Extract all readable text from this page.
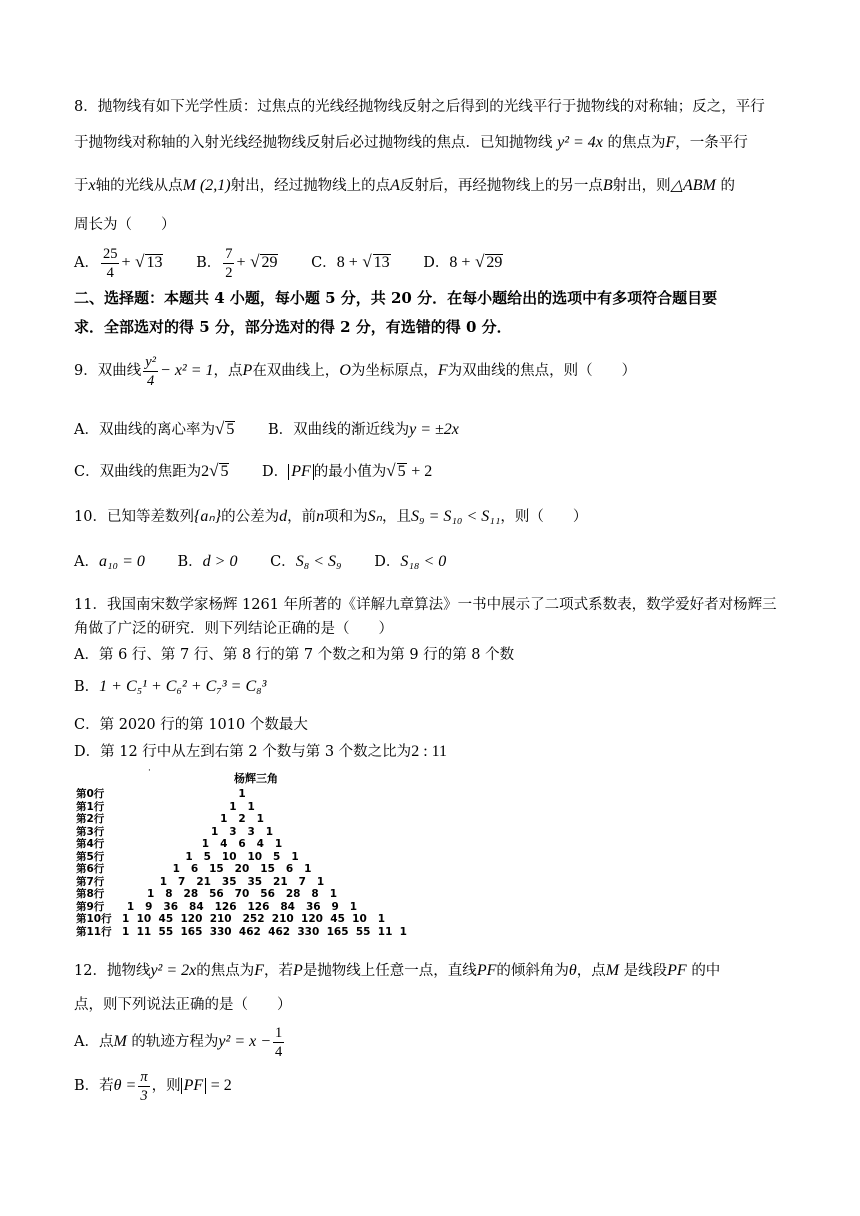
8．抛物线有如下光学性质：过焦点的光线经抛物线反射之后得到的光线平行于抛物线的对称轴；反之，平行
于抛物线对称轴的入射光线经抛物线反射后必过抛物线的焦点．已知抛物线 y² = 4x 的焦点为F，一条平行
于x轴的光线从点M (2,1)射出，经过抛物线上的点A反射后，再经抛物线上的另一点B射出，则△ABM 的
周长为（　　）
A． $\frac{25}{4}$ + √ 13 B． $\frac{7}{2}$ + √ 29 C．8 + √ 13 D．8 + √ 29
二、选择题：本题共 4 小题，每小题 5 分，共 20 分．在每小题给出的选项中有多项符合题目要
求．全部选对的得 5 分，部分选对的得 2 分，有选错的得 0 分．
9．双曲线 $\frac{\text{y²}}{4} - x^2 = 1$，点P在双曲线上，O为坐标原点，F为双曲线的焦点，则（　　）
A．双曲线的离心率为√ 5 B．双曲线的渐近线为y = ±2x
C．双曲线的焦距为2√ 5 D． PF 的最小值为√ 5 + 2
10．已知等差数列{aₙ}的公差为d，前n项和为Sₙ，且S₉ = S₁₀ < S₁₁，则（　　）
A．a₁₀ = 0 B．d > 0 C．S₈ < S₉ D．S₁₈ < 0
11．我国南宋数学家杨辉 1261 年所著的《详解九章算法》一书中展示了二项式系数表，数学爱好者对杨辉三
角做了广泛的研究．则下列结论正确的是（　　）
A．第 6 行、第 7 行、第 8 行的第 7 个数之和为第 9 行的第 8 个数
B．1 + C₅¹ + C₆² + C₇³ = C₈³
C．第 2020 行的第 1010 个数最大
D．第 12 行中从左到右第 2 个数与第 3 个数之比为2 : 11
·
杨辉三角
第0行	1
第1行	1   1
第2行	1   2   1
第3行	1   3   3   1
第4行	1   4   6   4   1
第5行	1   5   10   10   5   1
第6行	1   6   15   20   15   6   1
第7行	1   7   21   35   35   21   7   1
第8行	1   8   28   56   70   56   28   8   1
第9行	1   9   36   84   126   126   84   36   9   1
第10行 1  10  45  120  210   252  210  120  45  10   1
第11行 1  11  55  165  330  462  462  330  165  55  11  1
12．抛物线y² = 2x的焦点为F，若P是抛物线上任意一点，直线PF的倾斜角为θ，点M 是线段PF 的中
点，则下列说法正确的是（　　）
A．点M 的轨迹方程为$y^2 = x - \frac{1}{4}$
B．若$\theta = \frac{\pi}{3}$ ，则 PF = 2
